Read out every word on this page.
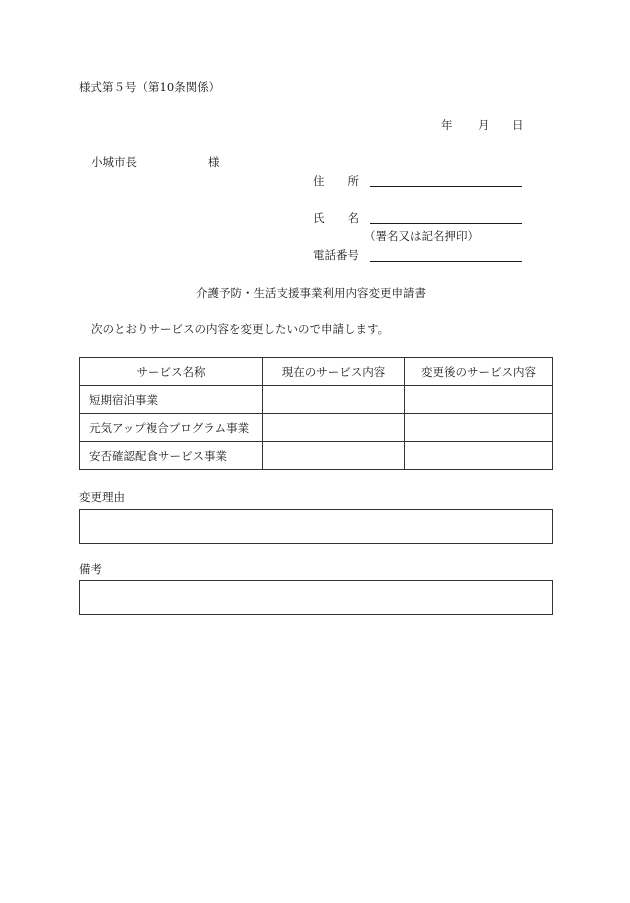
様式第５号（第10条関係）
年 月 日
小城市長	様
住　　所
氏　　名
（署名又は記名押印）
電話番号
介護予防・生活支援事業利用内容変更申請書
次のとおりサービスの内容を変更したいので申請します。
サービス名称	現在のサービス内容	変更後のサービス内容
短期宿泊事業		
元気アップ複合プログラム事業		
安否確認配食サービス事業		
変更理由
備考
